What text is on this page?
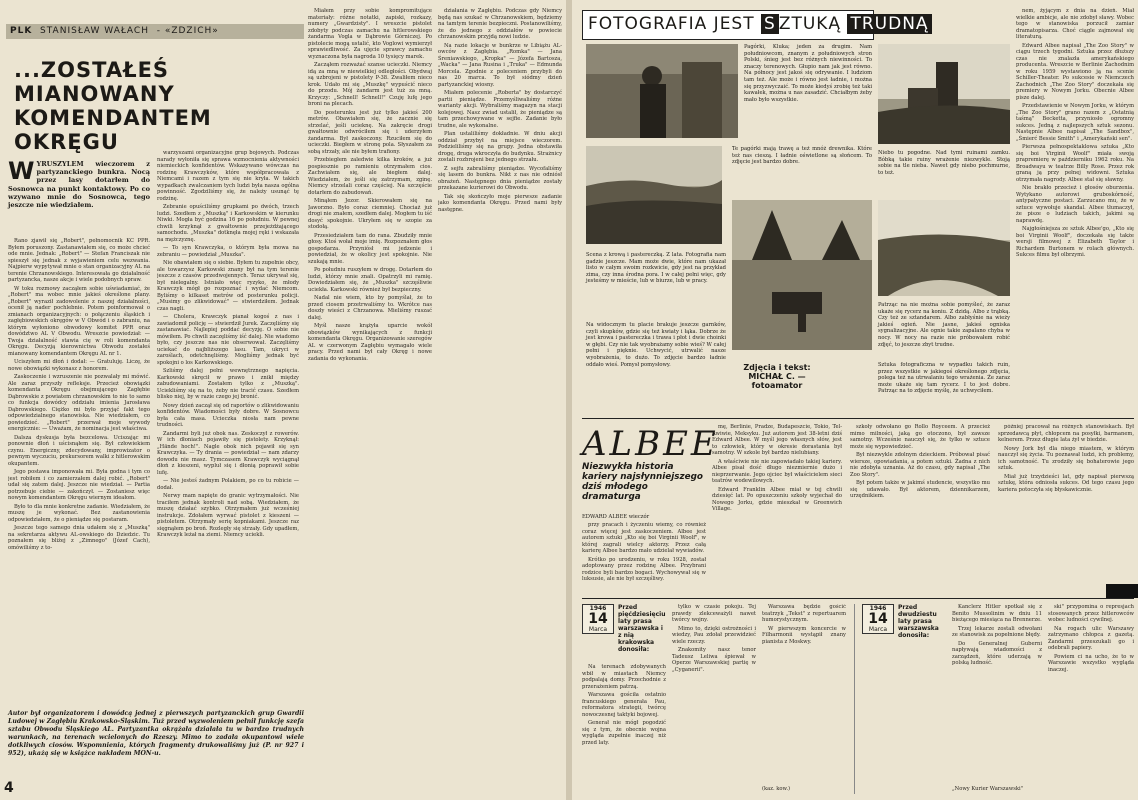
PLK STANISŁAW WAŁACH  - «ZDZICH»
...ZOSTAŁEŚ MIANOWANY KOMENDANTEM OKRĘGU
W YRUSZYLEM wieczorem z partyzanckiego bunkra. Nocą przez lasy dotarłem do Sosnowca na punkt kontaktowy. Po co wzywano mnie do Sosnowca, tego jeszcze nie wiedziałem.

Rano zjawił się „Robert", pełnomocnik KC PPR. Byłem poruszony. Zastanawiałem się, co może chcieć ode mnie. Jednak: „Robert" — Stefan Franciszak nie spieszył się jednak z wyjawieniem celu wezwania. Najpierw wypytywał mnie o stan organizacyjny AL na terenie Chrzanowskiego. Interesowała go działalność partyzancka, nasze akcje i wiele podobnych spraw.

W toku rozmowy zacząłem sobie uświadamiać, że „Robert" ma wobec mnie jakieś określone plany. „Robert" wyraził zadowolenie z naszej działalności, ocenił ją nader pochlebnie. Potem poinformował o zmianach organizacyjnych: o połączeniu śląskich i zagłębiowskich okręgów w V Obwód i o zabraniu, na którym wyłoniono obwodowy komitet PPR oraz dowództwo AL V Obwodu. Wreszcie powiedział: — Twoja działalność stawia cię w roli komendanta Okręgu. Decyzją kierownictwa Obwodu zostałeś mianowany komendantem Okręgu AL nr 1.

Uciszyłem mi dłoń i dodał: — Gratuluję. Liczę, że nowe obowiązki wykonasz z honorem.

Zaskoczenie i wzruszenie nie pozwalały mi mówić. Ale zaraz przyszły refleksje. Przecież obowiązki komendanta Okręgu obejmującego Zagłębie Dąbrowskie z powiatem chrzanowskim to nie to samo co funkcja dowódcy oddziału imienia Jarosława Dąbrowskiego. Ciężko mi było przyjąć fakt tego odpowiedzialnego stanowiska. Nie wiedziałem, co powiedzieć. „Robert" przerwał moje wywody energicznie: — Uważam, że nominacja jest właściwa.

Dalsza dyskusja była bezcelowa. Uciszając mi ponownie dłoń i uścisnąłem się. Był człowiekiem czynu. Energiczny, zdecydowany, improwizator o pewnym wyczuciu, prekursorem walki z hitlerowskim okupantem.

Jego postawa imponowała mi. Była godna i tym co jest robiłem i co zamierzałem dalej robić. „Robert" udał się zatem dalej. Jeszcze nie wiedział. — Partia potrzebuje ciebie — zakończył. — Zostaniesz więc nowym komendantem Okręgu wiernym ideałom.

Było to dla mnie konkretne zadanie. Wiedziałem, że muszę je wykonać. Bez zastanowienia odpowiedziałem, że o pieniądze się postaram.

Jeszcze tego samego dnia udałem się z „Muszką" na sekretarza aktywu AL-owskiego do Dziedzic. Tu poznałem się bliżej z „Zimnego" (Józef Cach), omówiliśmy z to-

warzyszami organizacyjne grup bojowych. Podczas narady wyłoniła się sprawa wzmocnienia aktywności niemieckich konfidentów. Wskazywano wówczas na rodzinę Krawczyków, które współpracowała z Niemcami i razem z tym się nie kryła. W takich wypadkach zwalczaniem tych ludzi była nasza ogólna powinność. Zgodziliśmy się, że należy usunąć tę rodzinę.

Zebranie opuściliśmy grupkami po dwóch, trzech ludzi. Szedłem z „Muszką" i Karkowskim w kierunku Niwki. Mogła być godzina 16 po południu. W pewnej chwili krzyknął z gwałtownie przejeżdżającego samochodu. „Muszka" dotknęła mojej ręki i wskazała na mężczyznę.

— To syn Krawczyka, o którym była mowa na zebraniu — powiedział „Muszka".

Nie obawiałem się o siebie. Byłem tu zupełnie obcy, ale towarzysz Karkowski znany był na tym terenie jeszcze z czasów przedwojennych. Teraz ukrywał się, był nielegalny. Istniało więc ryzyko, że młody Krawczyk mógł go rozpoznać i wydać Niemcom. Byliśmy o kilkaset metrów od posterunku policji. „Musimy go zlikwidować" — stwierdziłem. Jednak czas nagli.

— Cholera, Krawczyk pianał kogoś z nas i zawiadomił policję — stwierdził Jurek. Zaczęliśmy się zastanawiać. Najlepiej poddać decyzję. O sobie nie mówiłem. Po chwili zaczęliśmy iść dalej. Nie wiadomo było, czy jeszcze nas nie obserwował. Zaczęliśmy uciekać do najbliższego lasu. Tam, ukryci w zaroślach, odetchnęliśmy. Mogliśmy jednak być spokojni o los Karkowskiego.

Szliśmy dalej pełni wewnętrznego napięcia. Karkowski skręcił w prawo i znikł między zabudowaniami. Zostałem tylko z „Muszką". Uciekliśmy się na to, żeby nie tracić czasu. Szedłem blisko niej, by w razie czego jej bronić.

Nowy dzień zaczął się od raportów o zlikwidowaniu konfidentów. Wiadomości były dobre. W Sosnowcu była cała masa. Ucieczka niosła nam pewne trudności.

Zandarmi byli już obok nas. Zeskoczył z rowerów. W ich dłoniach pojawiły się pistolety. Krzyknął: „Hände hoch!". Nagle obok nich pojawił się syn Krawczyka. — Ty drania — powiedział — nam zdarzy dowodu nie masz. Tymczasem Krawczyk wyciągnął dłoń z kieszeni, wypluł się i dłonią poprawił sobie lufę.

— Nie jesteś żadnym Polakiem, po co tu robicie — dodał.

Nerwy mam napięte do granic wytrzymałości. Nie traciłem jednak kontroli nad sobą. Wiedziałem, że muszę działać szybko. Otrzymałem już wcześniej instrukcje. Zdołałem wyrwać pistolet z kieszeni — pistoletem. Otrzymały serię kopniakami. Jeszcze raz sięgnąłem po broń. Rozległy się strzały. Gdy upadłem, Krawczyk leżał na ziemi. Niemcy uciekli.

Miałem przy sobie kompromitujące materiały: różne notatki, zapiski, rozkazy, numery „Gwardzisty". I wreszcie pistolet zdobyty podczas zamachu na hitlerowskiego żandarma Vogla w Dąbrowie Górniczej. Po pistolecie mogą ustalić, kto Voglowi wymierzył sprawiedliwość. Za ujęcie sprawcy zamachu wyznaczona była nagroda 10 tysięcy marek.

Zacząłem rozważać szanse ucieczki. Niemcy idą za mną w niewielkiej odległości. Obydwaj są uzbrojeni w pistolety P-38. Zwaliłem nieco krok. Udało mi się „Muszkę" wypuścić nieco do przodu. Mój żandarm jest tuż za mną. Krzyczy: „Schnell! Schnell!" Czuję lufę jego broni na plecach.

Do posterunku jest już tylko jakieś 200 metrów. Obawiałem się, że zacznie się strzelać, jeśli ucieknę. Na zakręcie drogi gwałtownie odwróciłem się i uderzyłem żandarma. Był zaskoczony. Rzuciłem się do ucieczki. Biegłem w stronę pola. Słyszałem za sobą strzały, ale nie byłem trafiony.

Przebiegłem zaledwie kilka kroków, a już pospiesznie po ramieniu otrzymałem cios. Zachwiałem się, ale biegłem dalej. Wiedziałem, że jeśli się zatrzymam, zginę. Niemcy strzelali coraz częściej. Na szczęście dotarłem do zabudowań.

Minąłem Jezor. Skierowałem się na Jaworzno. Było coraz ciemniej. Chociaż już drogi nie znałem, szedłem dalej. Mogłem tu iść dosyć spokojnie. Ukryłem się w szopie za stodołą.

Przesiedziałem tam do rana. Zbudziły mnie głosy. Ktoś wołał moje imię. Rozpoznałem głos gospodarza. Przyniósł mi jedzenie i powiedział, że w okolicy jest spokojnie. Nie szukają mnie.

Po południu ruszyłem w drogę. Dotarłem do ludzi, którzy mnie znali. Opatrzyli mi ramię. Dowiedziałem się, że „Muszka" szczęśliwie uciekła. Karkowski również był bezpieczny.

Nadal nie wiem, kto by pomyślał, że to przed ciosem przetrwaliśmy to. Wkrótce nas doszły wieści z Chrzanowa. Mieliśmy ruszać dalej.

Myśl nasze krążyła uparcie wokół obowiązków wynikających z funkcji komendanta Okręgu. Organizowanie szeregów AL w czerwonym Zagłębiu wymagało wiele pracy. Przed nami był cały Okręg i nowe zadania do wykonania.

działania w Zagłębiu. Podczas gdy Niemcy będą nas szukać w Chrzanowskiem, będziemy na tamtym terenie bezpieczni. Postanowiliśmy, że do jednego z oddziałów w powiecie chrzanowskim przyjdą nowi ludzie.

Na razie lokacje w bunkrze w Libiążu AL-owców z Zagłębia. „Romka" — Jana Śreniawskiego, „Kropka" — Józefa Bartosza, „Wacka" — Jana Rusina i „Truka" — Edmunda Morcela. Zgodnie z poleceniem przybyli do nas 20 marca. To był siódmy dzień partyzanckiej wiosny.

Miałem polecenie „Roberta" by dostarczyć partii pieniądze. Przemyśliwaliśmy różne warianty akcji. Wybraliśmy magazyn na stacji kolejowej. Nasz zwiad ustalił, że pieniądze są tam przechowywane w sejfie. Zadanie było trudne, ale wykonalne.

Plan ustaliliśmy dokładnie. W dniu akcji oddział przybył na miejsce wieczorem. Podzieliliśmy się na grupy. Jedna obstawiła drogę, druga wkroczyła do budynku. Strażnicy zostali rozbrojeni bez jednego strzału.

Z sejfu zabraliśmy pieniądze. Wycofaliśmy się lasem do bunkra. Nikt z nas nie odniósł obrażeń. Następnego dnia pieniądze zostały przekazane kurierowi do Obwodu.

Tak się skończyło moje pierwsze zadanie jako komendanta Okręgu. Przed nami były następne.

Autor był organizatorem i dowódcą jednej z pierwszych partyzanckich grup Gwardii Ludowej w Zagłębiu Krakowsko-Śląskim. Tuż przed wyzwoleniem pełnił funkcję szefa sztabu Obwodu Śląskiego AL. Partyzantka okrążała działała tu w bardzo trudnych warunkach, na terenach wcielonych do Rzeszy. Mimo to zadała okupantowi wiele dotkliwych ciosów. Wspomnienia, których fragmenty drukowaliśmy już (P. nr 927 i 952), ukażą się w książce nakładem MON-u.
4
FOTOGRAFIA JEST S ZTUKĄ TRUDNĄ
Pagórki, Kluka; jeden za drugim. Nam południowcom, znanym z południowych stron Polski, śnieg jest bez różnych niewinności. To znaczy terenowych. Głupio nam jak jest równo. Na północy jest jakoś się odrywanie. I ludziom tam też. Ale może i równo jest ładnie, i można się przyzwyczaić. To może kiedyś zrobię też taki kawałek, można u nas zasadzić. Chciałbym żeby mało było wszystkie.
Te pagórki mają trawę a też mnóż drewnika. Które też nas cieszą. I ładnie oświetlone są słońcem. To zdjęcie jest bardzo dobre.
Scena z krową i pastereczką. Z lata. Fotografia nam gadzie jeszcze. Mam może dwie, które nam ukazał listo w całym swoim rozkwicie, gdy jest na przykład zima, czy inna środna pora. I w całej pełni więc, gdy jesteśmy w mieście, lub w biurze, lub w pracy.
Na widocznym tu placie brakuje jeszcze garnków, czyli skupków, gdzie się też kwiaty i łąka. Dobrze że jest krowa i pastereczka i trawa i płot i dwie choinki w głębi. Czy nie tak wyobrażamy sobie wieś? W całej pełni i pięknie. Uchwycić, utrwalić nasze wyobrażenia, to dużo. To zdjęcie bardzo ładnie oddało wieś. Pomysł pomysłowy.	Zdjęcia i tekst:
MICHAŁ C. — fotoamator
Niebo tu pogodne. Nad tymi ruinami zamku. Bóbką takie ruiny wrażenie niezwykle. Stoją sobie na tle nieba. Nawet gdy niebo pochmurne, to też.
Patrząc na nie można sobie pomyśleć, że zaraz ukaże się rycerz na koniu. Z dzidą. Albo z trąbką. Czy też ze sztandarem. Albo zabłyśnie na wieży jakieś ogień. Nie jasne, jakieś ogniska sygnalizacyjne. Ale ognie takie zapalano chyba w nocy. W nocy na razie nie próbowałem robić zdjęć, to jeszcze zbyt trudne.
Sztuka fotograficzna w wypadku takich ruin, przez wszystkie w jakiegoś określonego zdjęcia, polega też na utrwalaniu tego wrażenia. Że zaraz może ukaże się tam rycerz. I to jest dobre. Patrząc na to zdjęcie myślę, że uchwyciłem.

nem, żyjącym z dnia na dzień. Miał wielkie ambicje, ale nie zdobył sławy. Wobec tego w stanowiska porzucił zamiar dramatopisarza. Choć ciągle zajmował się literaturą.

Edward Albee napisał „The Zoo Story" w ciągu trzech tygodni. Sztuka przez dłuższy czas nie znalazła amerykańskiego producenta. Wreszcie w Berlinie Zachodnim w roku 1959 wystawiono ją na scenie Schiller-Theater. Po sukcesie w Niemczech Zachodnich „The Zoo Story" doczekała się premiery w Nowym Jorku. Obecnie Albee pisze dalej.

Przedstawienie w Nowym Jorku, w którym „The Zoo Story" grano razem z „Ostatnią taśmą" Becketta, przyniosło ogromny sukces. Jedną z najlepszych sztuk sezonu. Następnie Albee napisał „The Sandbox", „Śmierć Bessie Smith" i „Amerykański sen".

Pierwsza pełnospektaklowa sztuka „Kto się boi Virginii Woolf" miała swoją prapremierę w październiku 1962 roku. Na Broadwayu w teatrze Billy Rose. Przez rok graną ją przy pełnej widowni. Sztuka otrzymała nagrody. Albee stał się sławny.

Nie brakło przecież i głosów oburzenia. Wytykano autorowi gruboskórność, antypatyczne postaci. Zarzucano mu, że w sztuce wywołuje skandal. Albee tłumaczył, że pisze o ludziach takich, jakimi są naprawdę.

Najgłośniejsza ze sztuk Albee'go, „Kto się boi Virginii Woolf", doczekała się także wersji filmowej z Elizabeth Taylor i Richardem Burtonem w rolach głównych. Sukces filmu był olbrzymi.

ALBEE
Niezwykła historia kariery najsłynniejszego dziś młodego dramaturga
EDWARD ALBEE wieczór

przy pracach i życzeniu wiemy, co również coraz więcej jest zaskoczeniem. Albee jest autorem sztuki „Kto się boi Virginii Woolf", w której zagrali wielcy aktorzy. Przez całą karierę Albee bardzo mało udzielał wywiadów.

Krótko po urodzeniu, w roku 1928, został adoptowany przez rodzinę Albee. Przybrani rodzice byli bardzo bogaci. Wychowywał się w luksusie, ale nie był szczęśliwy.

mę, Berlinie, Pradze, Budapeszcie, Tokio, Tel-Awiwie, Meksyku. Już autorem jest 38-letni dziś Edward Albee. W myśl jego własnych słów, jest to człowiek, który w okresie dorastania był samotny. W szkole był bardzo nielubiany.

A właściwie nie nie zapowiadało takiej kariery. Albee pisał dość długo niezmiernie dużo i nieprzerwanie. Jego ojciec był właścicielem sieci teatrów wodewilowych.

Edward Franklin Albee miał w tej chwili dziesięć lat. Po opuszczeniu szkoły wyjechał do Nowego Jorku, gdzie mieszkał w Greenwich Village.

szkoły odwołano go Rollo Royceem. A przecież mimo milności, jaką go otoczono, był zawsze samotny. Wcześnie nauczył się, że tylko w sztuce może się wypowiedzieć.

Był niezwykle zdolnym dzieckiem. Próbował pisać wiersze, opowiadania, a potem sztuki. Żadna z nich nie zdobyła uznania. Aż do czasu, gdy napisał „The Zoo Story".

Był potem także w jakimś studencie, wszystko mu się udawało. Był aktorem, dziennikarzem, urzędnikiem.

później pracował na różnych stanowiskach. Był sprzedawcą płyt, chłopcem na posyłki, barmanem, kelnerem. Przez długie lata żył w biedzie.

Nowy Jork był dla niego miastem, w którym nauczył się życia. Tu poznawał ludzi, ich problemy, ich samotność. Tu zrodziły się bohaterowie jego sztuk.

Miał już trzydzieści lat, gdy napisał pierwszą sztukę, która odniosła sukces. Od tego czasu jego kariera potoczyła się błyskawicznie.

1946
14
Marca
Przed pięćdziesięciu laty prasa warszawska i z nią krakowska donosiła:

Na terenach zdobywanych wbił w miastach Niemcy podpalają domy. Przechodnie z przerażeniem patrzą.

Warszawa gościła ostatnio francuskiego generała Pau, reformatora strategii, twórcę nowoczesnej taktyki bojowej.

Generał nie mógł pogodzić się z tym, że obecnie wojna wygląda zupełnie inaczej niż przed laty.

tylko w czasie pokoju. Tej prawdy zlekceważyli nawet twórcy wojny.

Mimo to, dzięki ostrożności i wiedzy, Pau zdołał przewidzieć wiele rzeczy.

Znakomity nasz tenor Tadeusz Leliwa śpiewał w Operze Warszawskiej partię w „Cyganerii".

Warszawa będzie gościć teatrzyk „Tekst" z repertuarem humorystycznym.

W pierwszym koncercie w Filharmonii wystąpił znany pianista z Moskwy.

(kaz. kow.)
1946
14
Marca
Przed dwudziestu laty prasa warszawska donosiła:

Kanclerz Hitler spotkał się z Benito Mussolinim w dniu 11 bieżącego miesiąca na Brennerze.

Trzej lekarze zostali odwołani ze stanowisk za popełnione błędy.

Do Generalnej Guberni napływają wiadomości z zarządzeń, które uderzają w polską ludność.

ski" przypomina o represjach stosowanych przez hitlerowców wobec ludności cywilnej.

Na rogach ulic Warszawy zatrzymano chłopca z gazetą. Żandarmi przeszukali go i odebrali papiery.

Powiem ci na ucho, że to w Warszawie wszystko wygląda inaczej.

„Nowy Kurier Warszawski"
